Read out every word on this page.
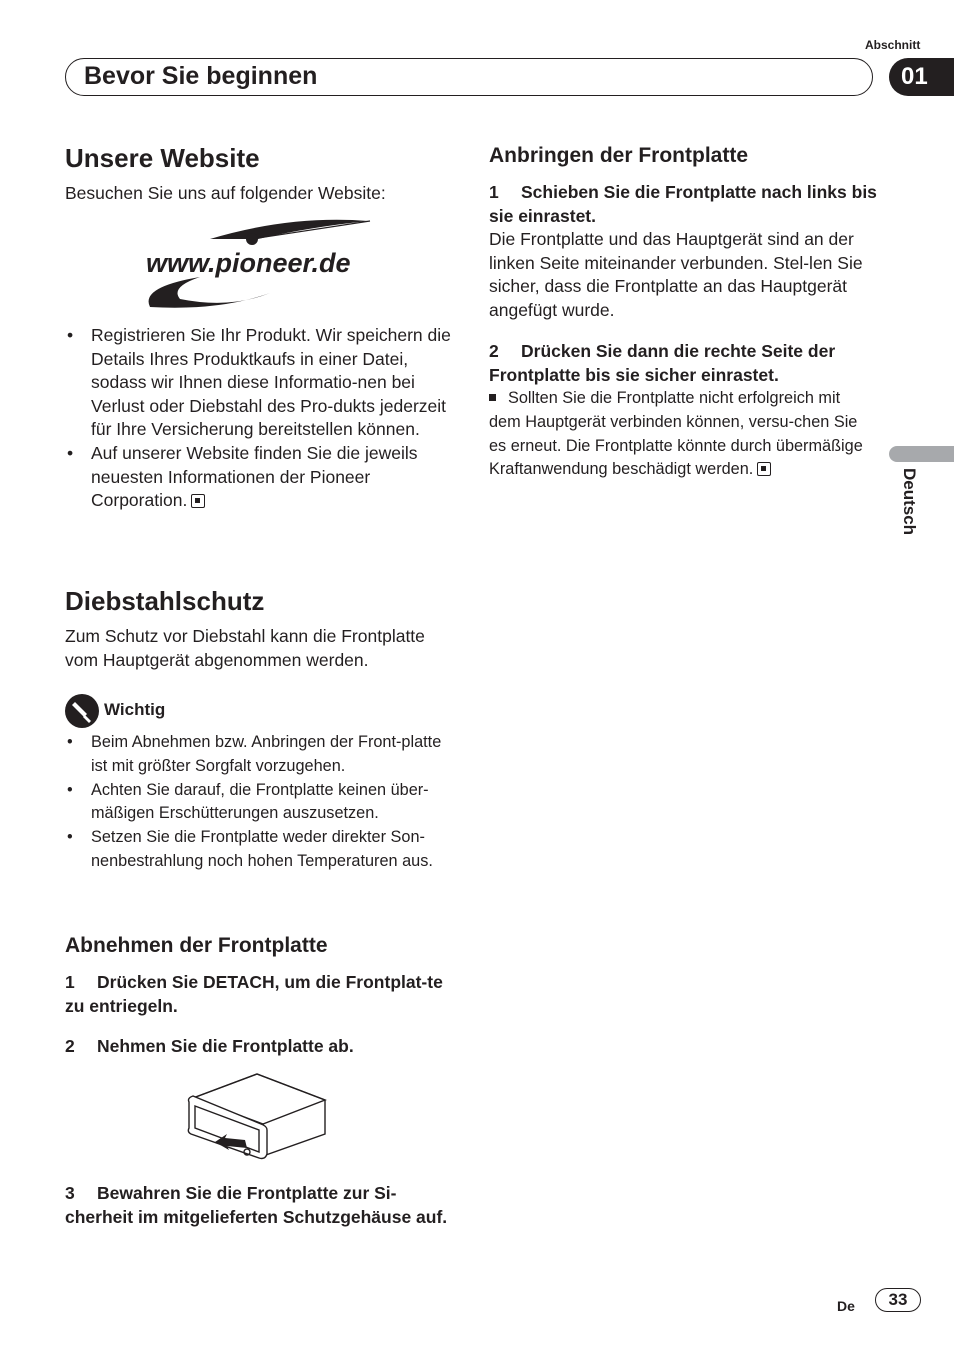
Abschnitt
Bevor Sie beginnen	01
Deutsch
Unsere Website
Besuchen Sie uns auf folgender Website:
www.pioneer.de
• Registrieren Sie Ihr Produkt. Wir speichern die Details Ihres Produktkaufs in einer Datei, sodass wir Ihnen diese Informatio-nen bei Verlust oder Diebstahl des Pro-dukts jederzeit für Ihre Versicherung bereitstellen können.
• Auf unserer Website finden Sie die jeweils neuesten Informationen der Pioneer Corporation.
Diebstahlschutz
Zum Schutz vor Diebstahl kann die Frontplatte vom Hauptgerät abgenommen werden.
Wichtig
• Beim Abnehmen bzw. Anbringen der Front-platte ist mit größter Sorgfalt vorzugehen.
• Achten Sie darauf, die Frontplatte keinen über-mäßigen Erschütterungen auszusetzen.
• Setzen Sie die Frontplatte weder direkter Son-nenbestrahlung noch hohen Temperaturen aus.
Abnehmen der Frontplatte
1 Drücken Sie DETACH, um die Frontplat-te zu entriegeln.
2 Nehmen Sie die Frontplatte ab.
3 Bewahren Sie die Frontplatte zur Si-cherheit im mitgelieferten Schutzgehäuse auf.
Anbringen der Frontplatte
1 Schieben Sie die Frontplatte nach links bis sie einrastet.
Die Frontplatte und das Hauptgerät sind an der linken Seite miteinander verbunden. Stel-len Sie sicher, dass die Frontplatte an das Hauptgerät angefügt wurde.
2 Drücken Sie dann die rechte Seite der Frontplatte bis sie sicher einrastet.
Sollten Sie die Frontplatte nicht erfolgreich mit dem Hauptgerät verbinden können, versu-chen Sie es erneut. Die Frontplatte könnte durch übermäßige Kraftanwendung beschädigt werden.
De	33
